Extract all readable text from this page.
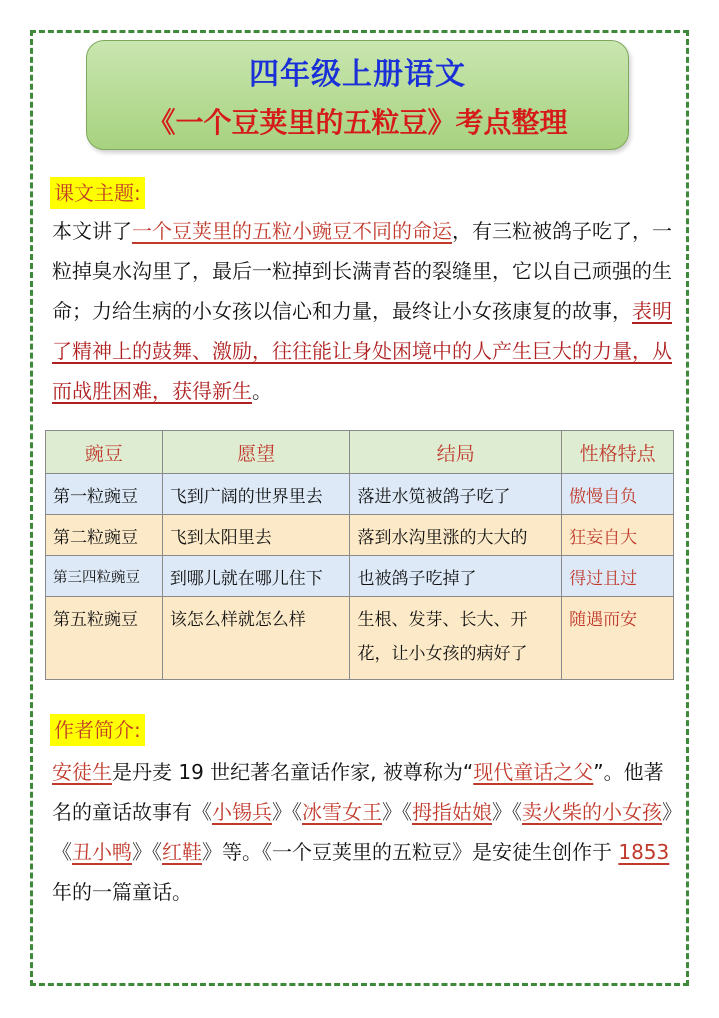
四年级上册语文
《一个豆荚里的五粒豆》考点整理
课文主题:
本文讲了一个豆荚里的五粒小豌豆不同的命运，有三粒被鸽子吃了，一粒掉臭水沟里了，最后一粒掉到长满青苔的裂缝里，它以自己顽强的生命；力给生病的小女孩以信心和力量，最终让小女孩康复的故事，表明了精神上的鼓舞、激励，往往能让身处困境中的人产生巨大的力量，从而战胜困难，获得新生。
豌豆	愿望	结局	性格特点
第一粒豌豆	飞到广阔的世界里去	落进水笕被鸽子吃了	傲慢自负
第二粒豌豆	飞到太阳里去	落到水沟里涨的大大的	狂妄自大
第三四粒豌豆	到哪儿就在哪儿住下	也被鸽子吃掉了	得过且过
第五粒豌豆	该怎么样就怎么样	生根、发芽、长大、开花，让小女孩的病好了	随遇而安
作者简介:
安徒生是丹麦 19 世纪著名童话作家, 被尊称为“现代童话之父”。他著名的童话故事有《小锡兵》《冰雪女王》《拇指姑娘》《卖火柴的小女孩》《丑小鸭》《红鞋》等。《一个豆荚里的五粒豆》是安徒生创作于 1853年的一篇童话。
